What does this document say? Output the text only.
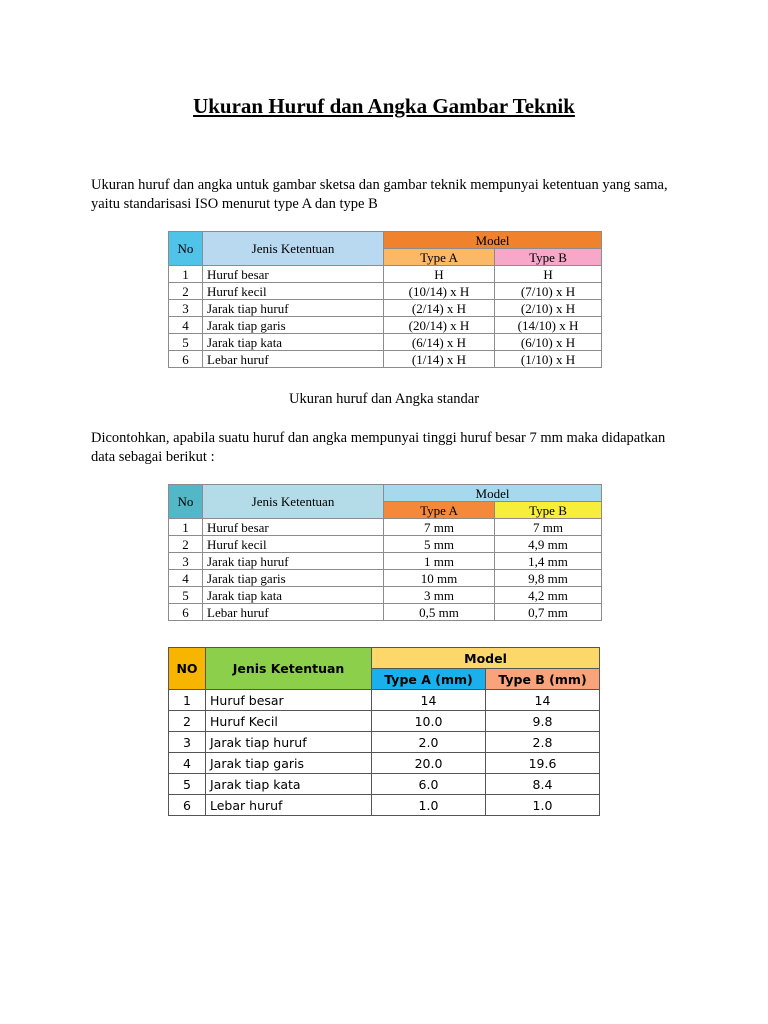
Ukuran Huruf dan Angka Gambar Teknik
Ukuran huruf dan angka untuk gambar sketsa dan gambar teknik mempunyai ketentuan yang sama, yaitu standarisasi ISO menurut type A dan type B
No	Jenis Ketentuan	Model	
		Type A	Type B
1	Huruf besar	H	H
2	Huruf kecil	(10/14) x H	(7/10) x H
3	Jarak tiap huruf	(2/14) x H	(2/10) x H
4	Jarak tiap garis	(20/14) x H	(14/10) x H
5	Jarak tiap kata	(6/14) x H	(6/10) x H
6	Lebar huruf	(1/14) x H	(1/10) x H
Ukuran huruf dan Angka standar
Dicontohkan, apabila suatu huruf dan angka mempunyai tinggi huruf besar 7 mm maka didapatkan data sebagai berikut :
No	Jenis Ketentuan	Model	
		Type A	Type B
1	Huruf besar	7 mm	7 mm
2	Huruf kecil	5 mm	4,9 mm
3	Jarak tiap huruf	1 mm	1,4 mm
4	Jarak tiap garis	10 mm	9,8 mm
5	Jarak tiap kata	3 mm	4,2 mm
6	Lebar huruf	0,5 mm	0,7 mm
NO	Jenis Ketentuan	Model	
		Type A (mm)	Type B (mm)
1	Huruf besar	14	14
2	Huruf Kecil	10.0	9.8
3	Jarak tiap huruf	2.0	2.8
4	Jarak tiap garis	20.0	19.6
5	Jarak tiap kata	6.0	8.4
6	Lebar huruf	1.0	1.0
